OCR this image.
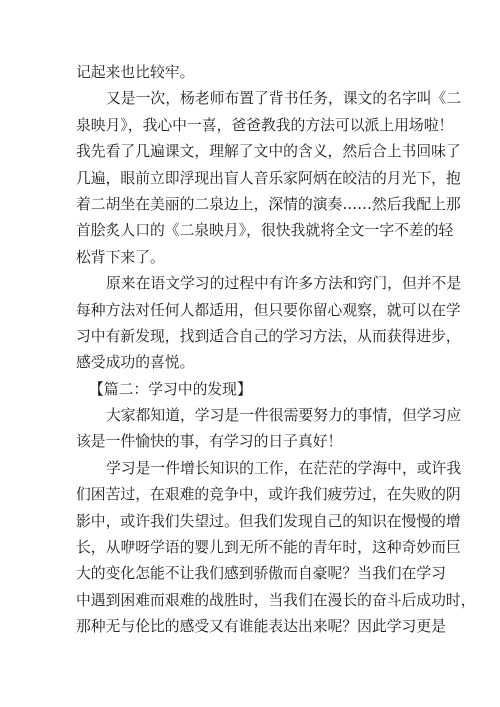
记起来也比较牢。

又是一次，杨老师布置了背书任务，课文的名字叫《二
泉映月》，我心中一喜，爸爸教我的方法可以派上用场啦！
我先看了几遍课文，理解了文中的含义，然后合上书回味了
几遍，眼前立即浮现出盲人音乐家阿炳在皎洁的月光下，抱
着二胡坐在美丽的二泉边上，深情的演奏……然后我配上那
首脍炙人口的《二泉映月》，很快我就将全文一字不差的轻
松背下来了。

原来在语文学习的过程中有许多方法和窍门，但并不是
每种方法对任何人都适用，但只要你留心观察，就可以在学
习中有新发现，找到适合自己的学习方法，从而获得进步，
感受成功的喜悦。

【篇二：学习中的发现】

大家都知道，学习是一件很需要努力的事情，但学习应
该是一件愉快的事，有学习的日子真好！

学习是一件增长知识的工作，在茫茫的学海中，或许我
们困苦过，在艰难的竞争中，或许我们疲劳过，在失败的阴
影中，或许我们失望过。但我们发现自己的知识在慢慢的增
长，从咿呀学语的婴儿到无所不能的青年时，这种奇妙而巨
大的变化怎能不让我们感到骄傲而自豪呢？当我们在学习
中遇到困难而艰难的战胜时，当我们在漫长的奋斗后成功时，
那种无与伦比的感受又有谁能表达出来呢？因此学习更是
